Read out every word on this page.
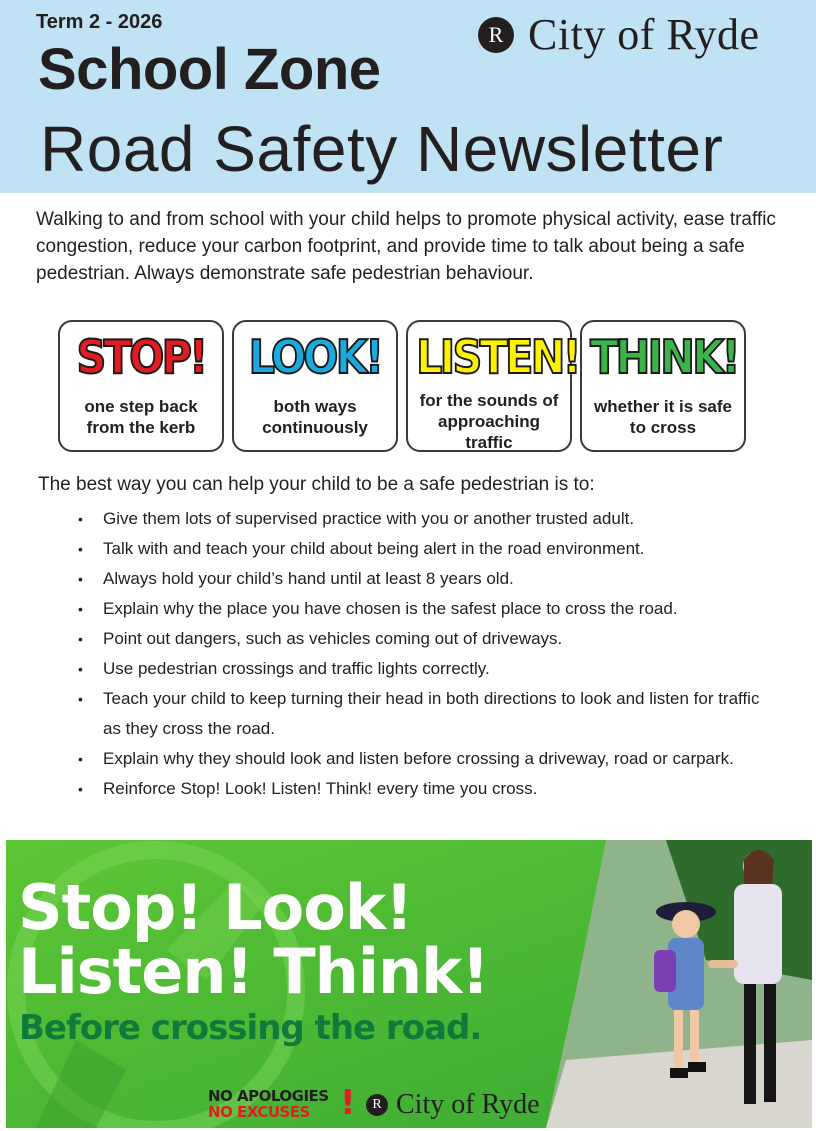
Term 2 - 2026
School Zone
Road Safety Newsletter
R City of Ryde

Walking to and from school with your child helps to promote physical activity, ease traffic congestion, reduce your carbon footprint, and provide time to talk about being a safe pedestrian. Always demonstrate safe pedestrian behaviour.

STOP!
one step back from the kerb
LOOK!
both ways continuously
LISTEN!
for the sounds of approaching traffic
THINK!
whether it is safe to cross
The best way you can help your child to be a safe pedestrian is to:
• Give them lots of supervised practice with you or another trusted adult.
• Talk with and teach your child about being alert in the road environment.
• Always hold your child’s hand until at least 8 years old.
• Explain why the place you have chosen is the safest place to cross the road.
• Point out dangers, such as vehicles coming out of driveways.
• Use pedestrian crossings and traffic lights correctly.
• Teach your child to keep turning their head in both directions to look and listen for traffic as they cross the road.
• Explain why they should look and listen before crossing a driveway, road or carpark.
• Reinforce Stop! Look! Listen! Think! every time you cross.
Stop! Look!
Listen! Think!
Before crossing the road.
NO APOLOGIES
NO EXCUSES !	R City of Ryde
